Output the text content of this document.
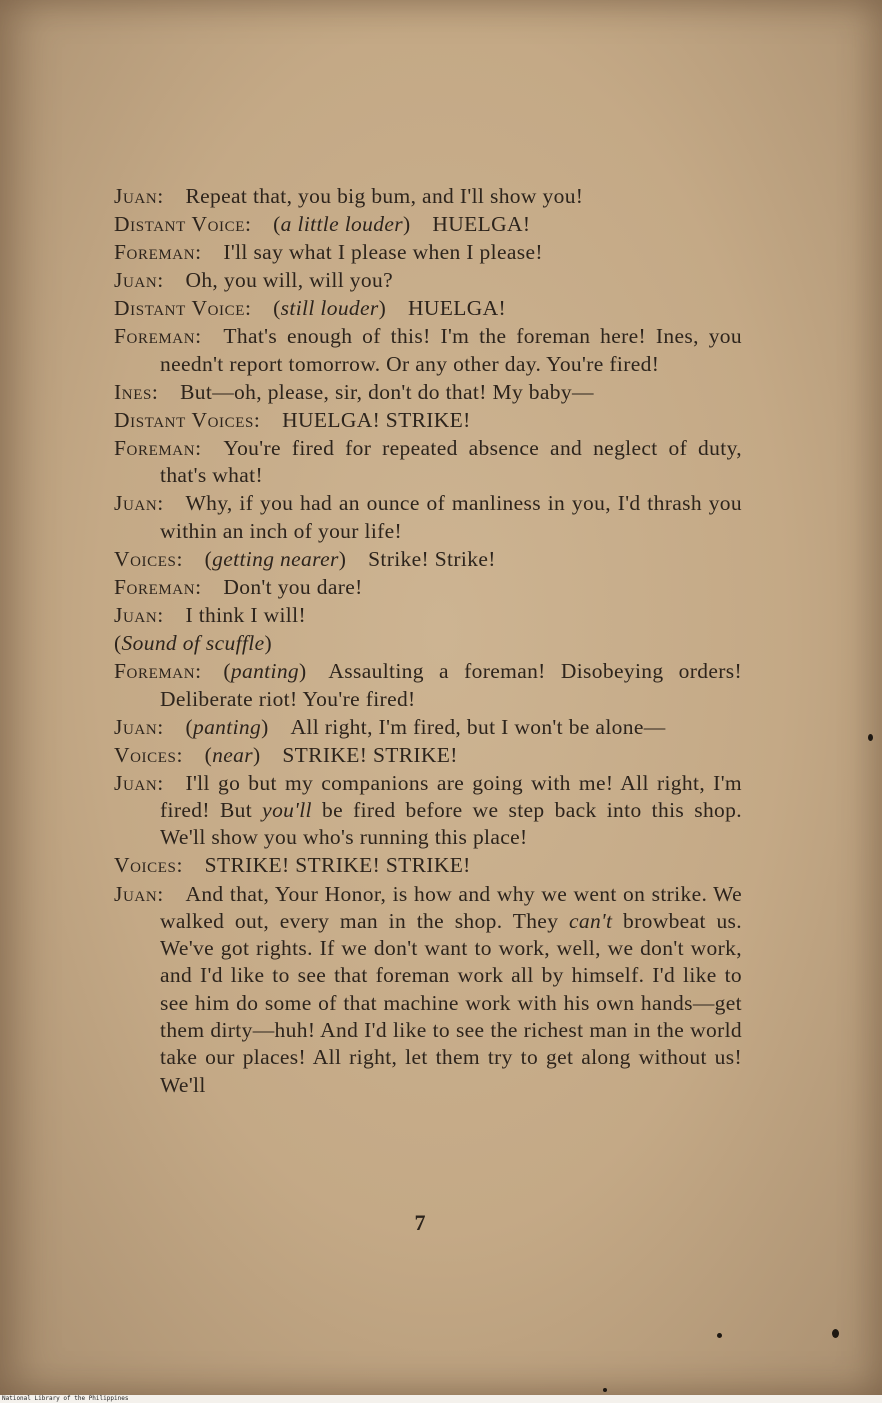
Juan: Repeat that, you big bum, and I'll show you!
Distant Voice: (a little louder) HUELGA!
Foreman: I'll say what I please when I please!
Juan: Oh, you will, will you?
Distant Voice: (still louder) HUELGA!
Foreman: That's enough of this! I'm the foreman here! Ines, you needn't report tomorrow. Or any other day. You're fired!
Ines: But—oh, please, sir, don't do that! My baby—
Distant Voices: HUELGA! STRIKE!
Foreman: You're fired for repeated absence and neglect of duty, that's what!
Juan: Why, if you had an ounce of manliness in you, I'd thrash you within an inch of your life!
Voices: (getting nearer) Strike! Strike!
Foreman: Don't you dare!
Juan: I think I will!
(Sound of scuffle)
Foreman: (panting) Assaulting a foreman! Disobeying orders! Deliberate riot! You're fired!
Juan: (panting) All right, I'm fired, but I won't be alone—
Voices: (near) STRIKE! STRIKE!
Juan: I'll go but my companions are going with me! All right, I'm fired! But you'll be fired before we step back into this shop. We'll show you who's running this place!
Voices: STRIKE! STRIKE! STRIKE!
Juan: And that, Your Honor, is how and why we went on strike. We walked out, every man in the shop. They can't browbeat us. We've got rights. If we don't want to work, well, we don't work, and I'd like to see that foreman work all by himself. I'd like to see him do some of that machine work with his own hands—get them dirty—huh! And I'd like to see the richest man in the world take our places! All right, let them try to get along without us! We'll
7
National Library of the Philippines
